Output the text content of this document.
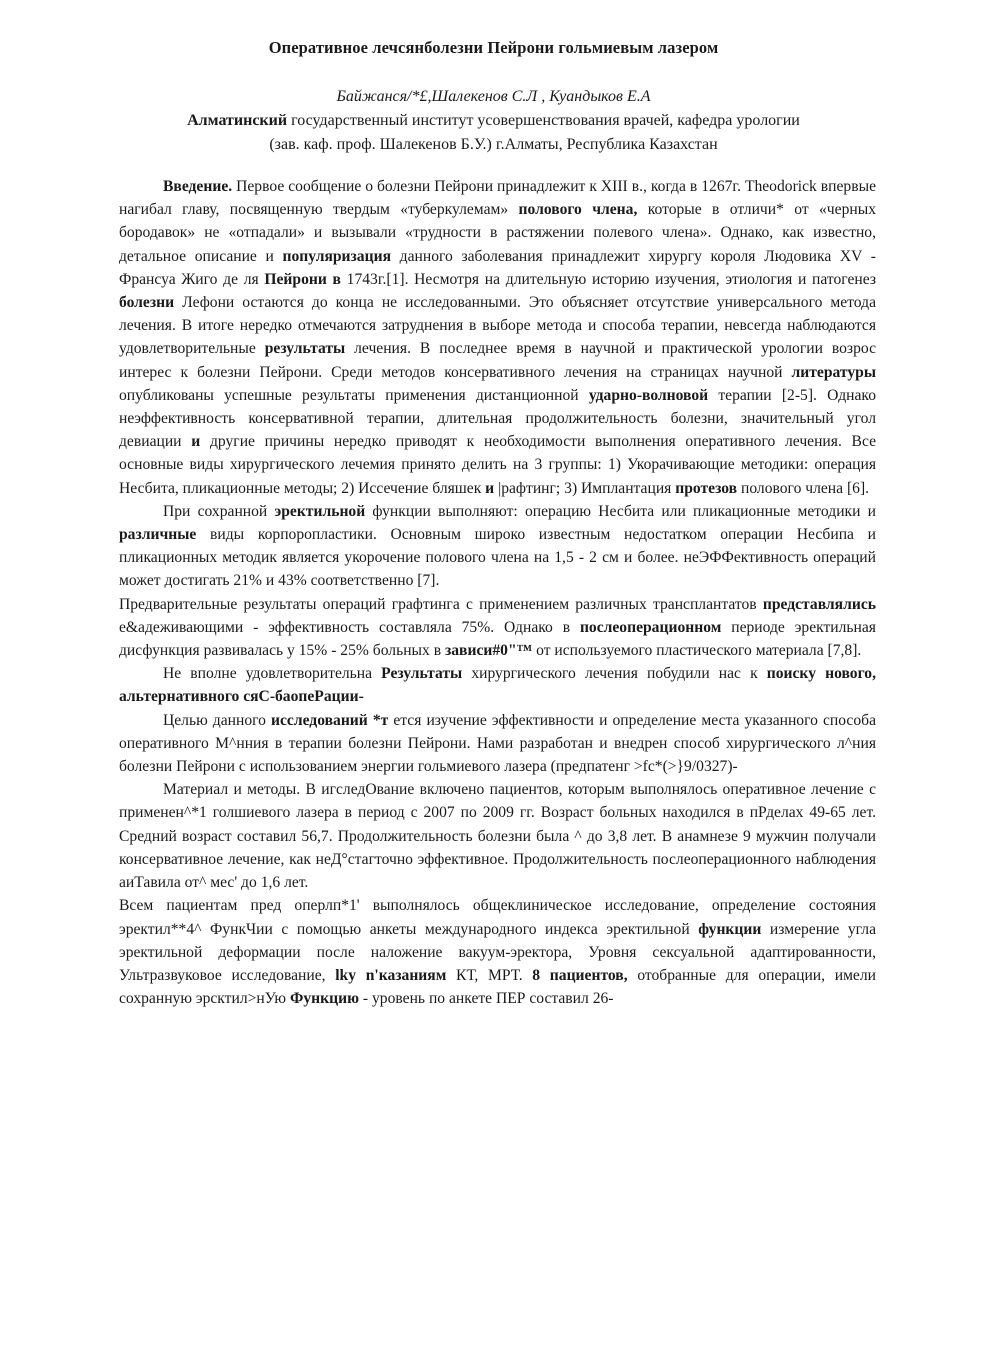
Оперативное лечсянболезни Пейрони гольмиевым лазером
Байжанся/*£,Шалекенов С.Л , Куандыков Е.А
Алматинский государственный институт усовершенствования врачей, кафедра урологии
(зав. каф. проф. Шалекенов Б.У.) г.Алматы, Республика Казахстан

Введение. Первое сообщение о болезни Пейрони принадлежит к XIII в., когда в 1267г. Theodorick впервые нагибал главу, посвященную твердым «туберкулемам» полового члена, которые в отличи* от «черных бородавок» не «отпадали» и вызывали «трудности в растяжении полевого члена». Однако, как известно, детальное описание и популяризация данного заболевания принадлежит хирургу короля Людовика XV - Франсуа Жиго де ля Пейрони в 1743г.[1]. Несмотря на длительную историю изучения, этиология и патогенез болезни Лефони остаются до конца не исследованными. Это объясняет отсутствие универсального метода лечения. В итоге нередко отмечаются затруднения в выборе метода и способа терапии, невсегда наблюдаются удовлетворительные результаты лечения. В последнее время в научной и практической урологии возрос интерес к болезни Пейрони. Среди методов консервативного лечения на страницах научной литературы опубликованы успешные результаты применения дистанционной ударно-волновой терапии [2-5]. Однако неэффективность консервативной терапии, длительная продолжительность болезни, значительный угол девиации и другие причины нередко приводят к необходимости выполнения оперативного лечения. Все основные виды хирургического лечемия принято делить на 3 группы: 1) Укорачивающие методики: операция Несбита, пликационные методы; 2) Иссечение бляшек и |рафтинг; 3) Имплантация протезов полового члена [6].

При сохранной эректильной функции выполняют: операцию Несбита или пликационные методики и различные виды корпоропластики. Основным широко известным недостатком операции Несбипа и пликационных методик является укорочение полового члена на 1,5 - 2 см и более. неЭФФективность операций может достигать 21% и 43% соответственно [7].

Предварительные результаты операций графтинга с применением различных трансплантатов представлялись е&адеживающими - эффективность составляла 75%. Однако в послеоперационном периоде эректильная дисфункция развивалась у 15% - 25% больных в зависи#0"™ от используемого пластического материала [7,8].

Не вполне удовлетворительна Результаты хирургического лечения побудили нас к поиску нового, альтернативного сяС-баопеРации-

Целью данного исследований *т ется изучение эффективности и определение места указанного способа оперативного М^нния в терапии болезни Пейрони. Нами разработан и внедрен способ хирургического л^ния болезни Пейрони с использованием энергии гольмиевого лазера (предпатенг >fc*(>}9/0327)-

Материал и методы. В игследОвание включено пациентов, которым выполнялось оперативное лечение с применен^*1 голшиевого лазера в период с 2007 по 2009 гг. Возраст больных находился в пРделах 49-65 лет. Средний возраст составил 56,7. Продолжительность болезни была ^ до 3,8 лет. В анамнезе 9 мужчин получали консервативное лечение, как неД°стагточно эффективное. Продолжительность послеоперационного наблюдения аиТавила от^ мес' до 1,6 лет.

Всем пациентам пред оперлп*1' выполнялось общеклиническое исследование, определение состояния эректил**4^ ФункЧии с помощью анкеты международного индекса эректильной функции измерение угла эректильной деформации после наложение вакуум-эректора, Уровня сексуальной адаптированности, Ультразвуковое исследование, lky n'казаниям КТ, МРТ. 8 пациентов, отобранные для операции, имели сохранную эрсктил>нУю Функцию - уровень по анкете ПЕР составил 26-
